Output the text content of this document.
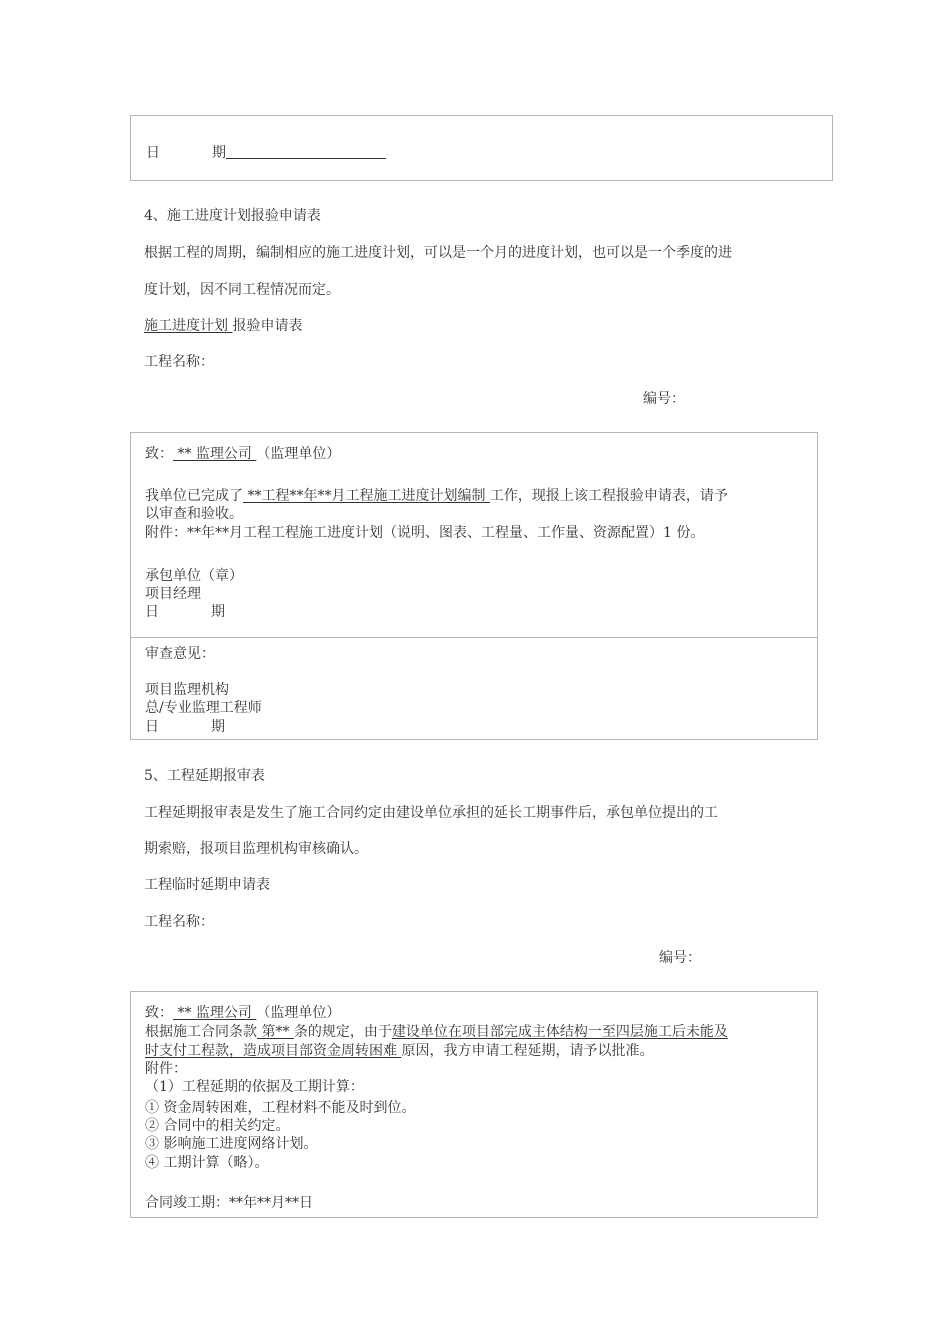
日	期
4、施工进度计划报验申请表
根据工程的周期，编制相应的施工进度计划，可以是一个月的进度计划，也可以是一个季度的进
度计划，因不同工程情况而定。
施工进度计划 报验申请表
工程名称：
编号：
致： ** 监理公司 （监理单位）
我单位已完成了 **工程**年**月工程施工进度计划编制 工作，现报上该工程报验申请表，请予
以审查和验收。
附件：**年**月工程工程施工进度计划（说明、图表、工程量、工作量、资源配置）1 份。
承包单位（章）
项目经理
日	期
审查意见：
项目监理机构
总/专业监理工程师
日	期
5、工程延期报审表
工程延期报审表是发生了施工合同约定由建设单位承担的延长工期事件后，承包单位提出的工
期索赔，报项目监理机构审核确认。
工程临时延期申请表
工程名称：
编号：
致： ** 监理公司 （监理单位）
根据施工合同条款 第** 条的规定，由于建设单位在项目部完成主体结构一至四层施工后未能及
时支付工程款，造成项目部资金周转困难 原因，我方申请工程延期，请予以批准。
附件：
（1）工程延期的依据及工期计算：
① 资金周转困难，工程材料不能及时到位。
② 合同中的相关约定。
③ 影响施工进度网络计划。
④ 工期计算（略）。
合同竣工期：**年**月**日
